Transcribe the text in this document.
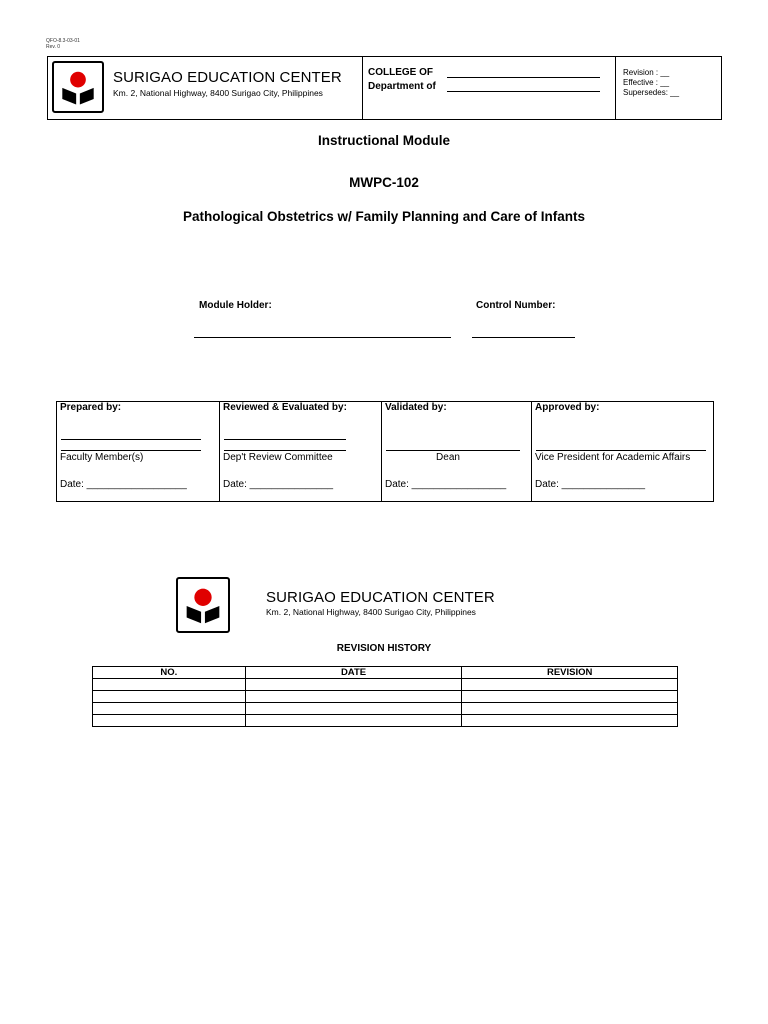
QFO-8.3-03-01
Rev. 0
SURIGAO EDUCATION CENTER
Km. 2, National Highway, 8400 Surigao City, Philippines
COLLEGE OF
Department of
Revision : __
Effective : __
Supersedes: __
Instructional Module
MWPC-102
Pathological Obstetrics w/ Family Planning and Care of Infants
Module Holder:	Control Number:
Prepared by:
Faculty Member(s)
Date: __________________
Reviewed & Evaluated by:
Dep't Review Committee
Date: _______________
Validated by:
Dean
Date: _________________
Approved by:
Vice President for Academic Affairs
Date: _______________
SURIGAO EDUCATION CENTER
Km. 2, National Highway, 8400 Surigao City, Philippines
REVISION HISTORY
NO.	DATE	REVISION
